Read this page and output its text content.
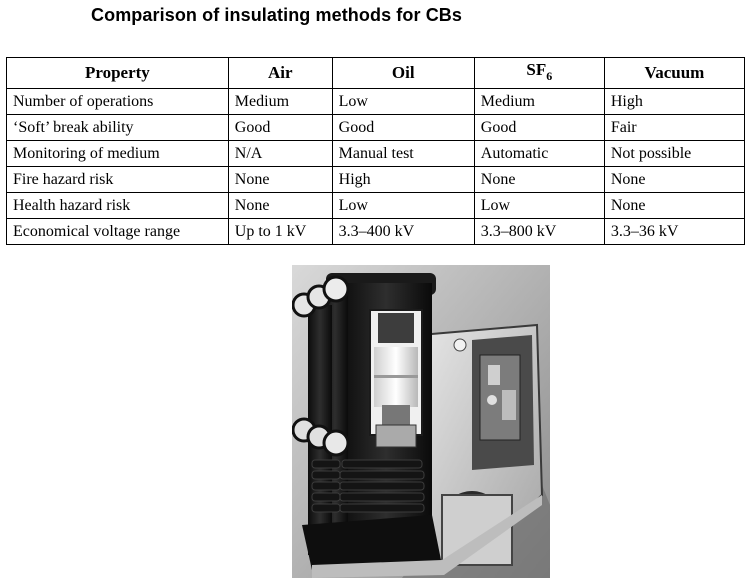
Comparison of insulating methods for CBs
Property	Air	Oil	$SF_6$	Vacuum
Number of operations	Medium	Low	Medium	High
‘Soft’ break ability	Good	Good	Good	Fair
Monitoring of medium	N/A	Manual test	Automatic	Not possible
Fire hazard risk	None	High	None	None
Health hazard risk	None	Low	Low	None
Economical voltage range	Up to 1 kV	3.3–400 kV	3.3–800 kV	3.3–36 kV
